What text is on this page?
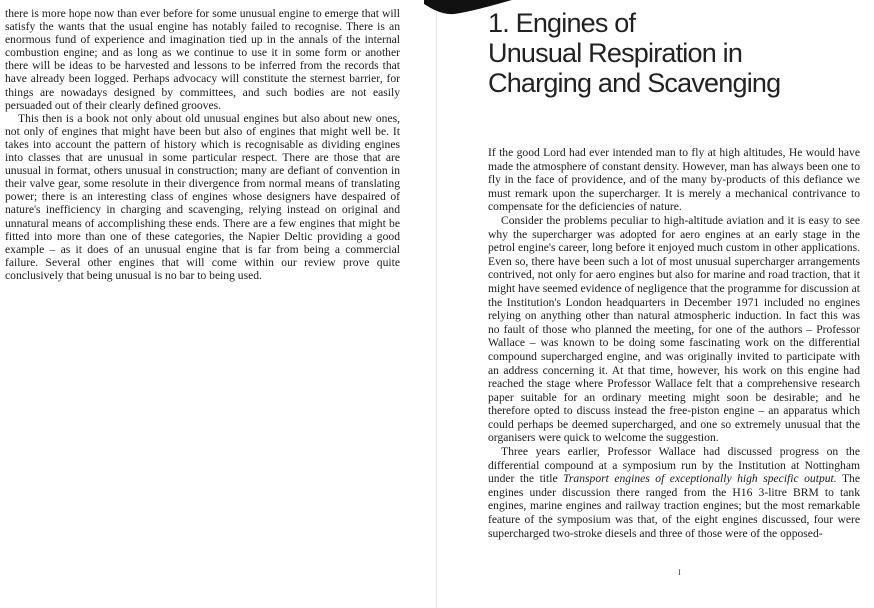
there is more hope now than ever before for some unusual engine to emerge that will satisfy the wants that the usual engine has notably failed to recognise. There is an enormous fund of experience and imagination tied up in the annals of the internal combustion engine; and as long as we continue to use it in some form or another there will be ideas to be harvested and lessons to be inferred from the records that have already been logged. Perhaps advocacy will constitute the sternest barrier, for things are nowadays designed by committees, and such bodies are not easily persuaded out of their clearly defined grooves.

This then is a book not only about old unusual engines but also about new ones, not only of engines that might have been but also of engines that might well be. It takes into account the pattern of history which is recognisable as dividing engines into classes that are unusual in some particular respect. There are those that are unusual in format, others unusual in construction; many are defiant of convention in their valve gear, some resolute in their divergence from normal means of translating power; there is an interesting class of engines whose designers have despaired of nature's inefficiency in charging and scavenging, relying instead on original and unnatural means of accomplishing these ends. There are a few engines that might be fitted into more than one of these categories, the Napier Deltic providing a good example – as it does of an unusual engine that is far from being a commercial failure. Several other engines that will come within our review prove quite conclusively that being unusual is no bar to being used.

1. Engines of
Unusual Respiration in
Charging and Scavenging

If the good Lord had ever intended man to fly at high altitudes, He would have made the atmosphere of constant density. However, man has always been one to fly in the face of providence, and of the many by-products of this defiance we must remark upon the supercharger. It is merely a mechanical contrivance to compensate for the deficiencies of nature.

Consider the problems peculiar to high-altitude aviation and it is easy to see why the supercharger was adopted for aero engines at an early stage in the petrol engine's career, long before it enjoyed much custom in other applications. Even so, there have been such a lot of most unusual supercharger arrangements contrived, not only for aero engines but also for marine and road traction, that it might have seemed evidence of negligence that the programme for discussion at the Institution's London headquarters in December 1971 included no engines relying on anything other than natural atmospheric induction. In fact this was no fault of those who planned the meeting, for one of the authors – Professor Wallace – was known to be doing some fascinating work on the differential compound supercharged engine, and was originally invited to participate with an address concerning it. At that time, however, his work on this engine had reached the stage where Professor Wallace felt that a comprehensive research paper suitable for an ordinary meeting might soon be desirable; and he therefore opted to discuss instead the free-piston engine – an apparatus which could perhaps be deemed supercharged, and one so extremely unusual that the organisers were quick to welcome the suggestion.

Three years earlier, Professor Wallace had discussed progress on the differential compound at a symposium run by the Institution at Nottingham under the title Transport engines of exceptionally high specific output. The engines under discussion there ranged from the H16 3-litre BRM to tank engines, marine engines and railway traction engines; but the most remarkable feature of the symposium was that, of the eight engines discussed, four were supercharged two-stroke diesels and three of those were of the opposed-

I
